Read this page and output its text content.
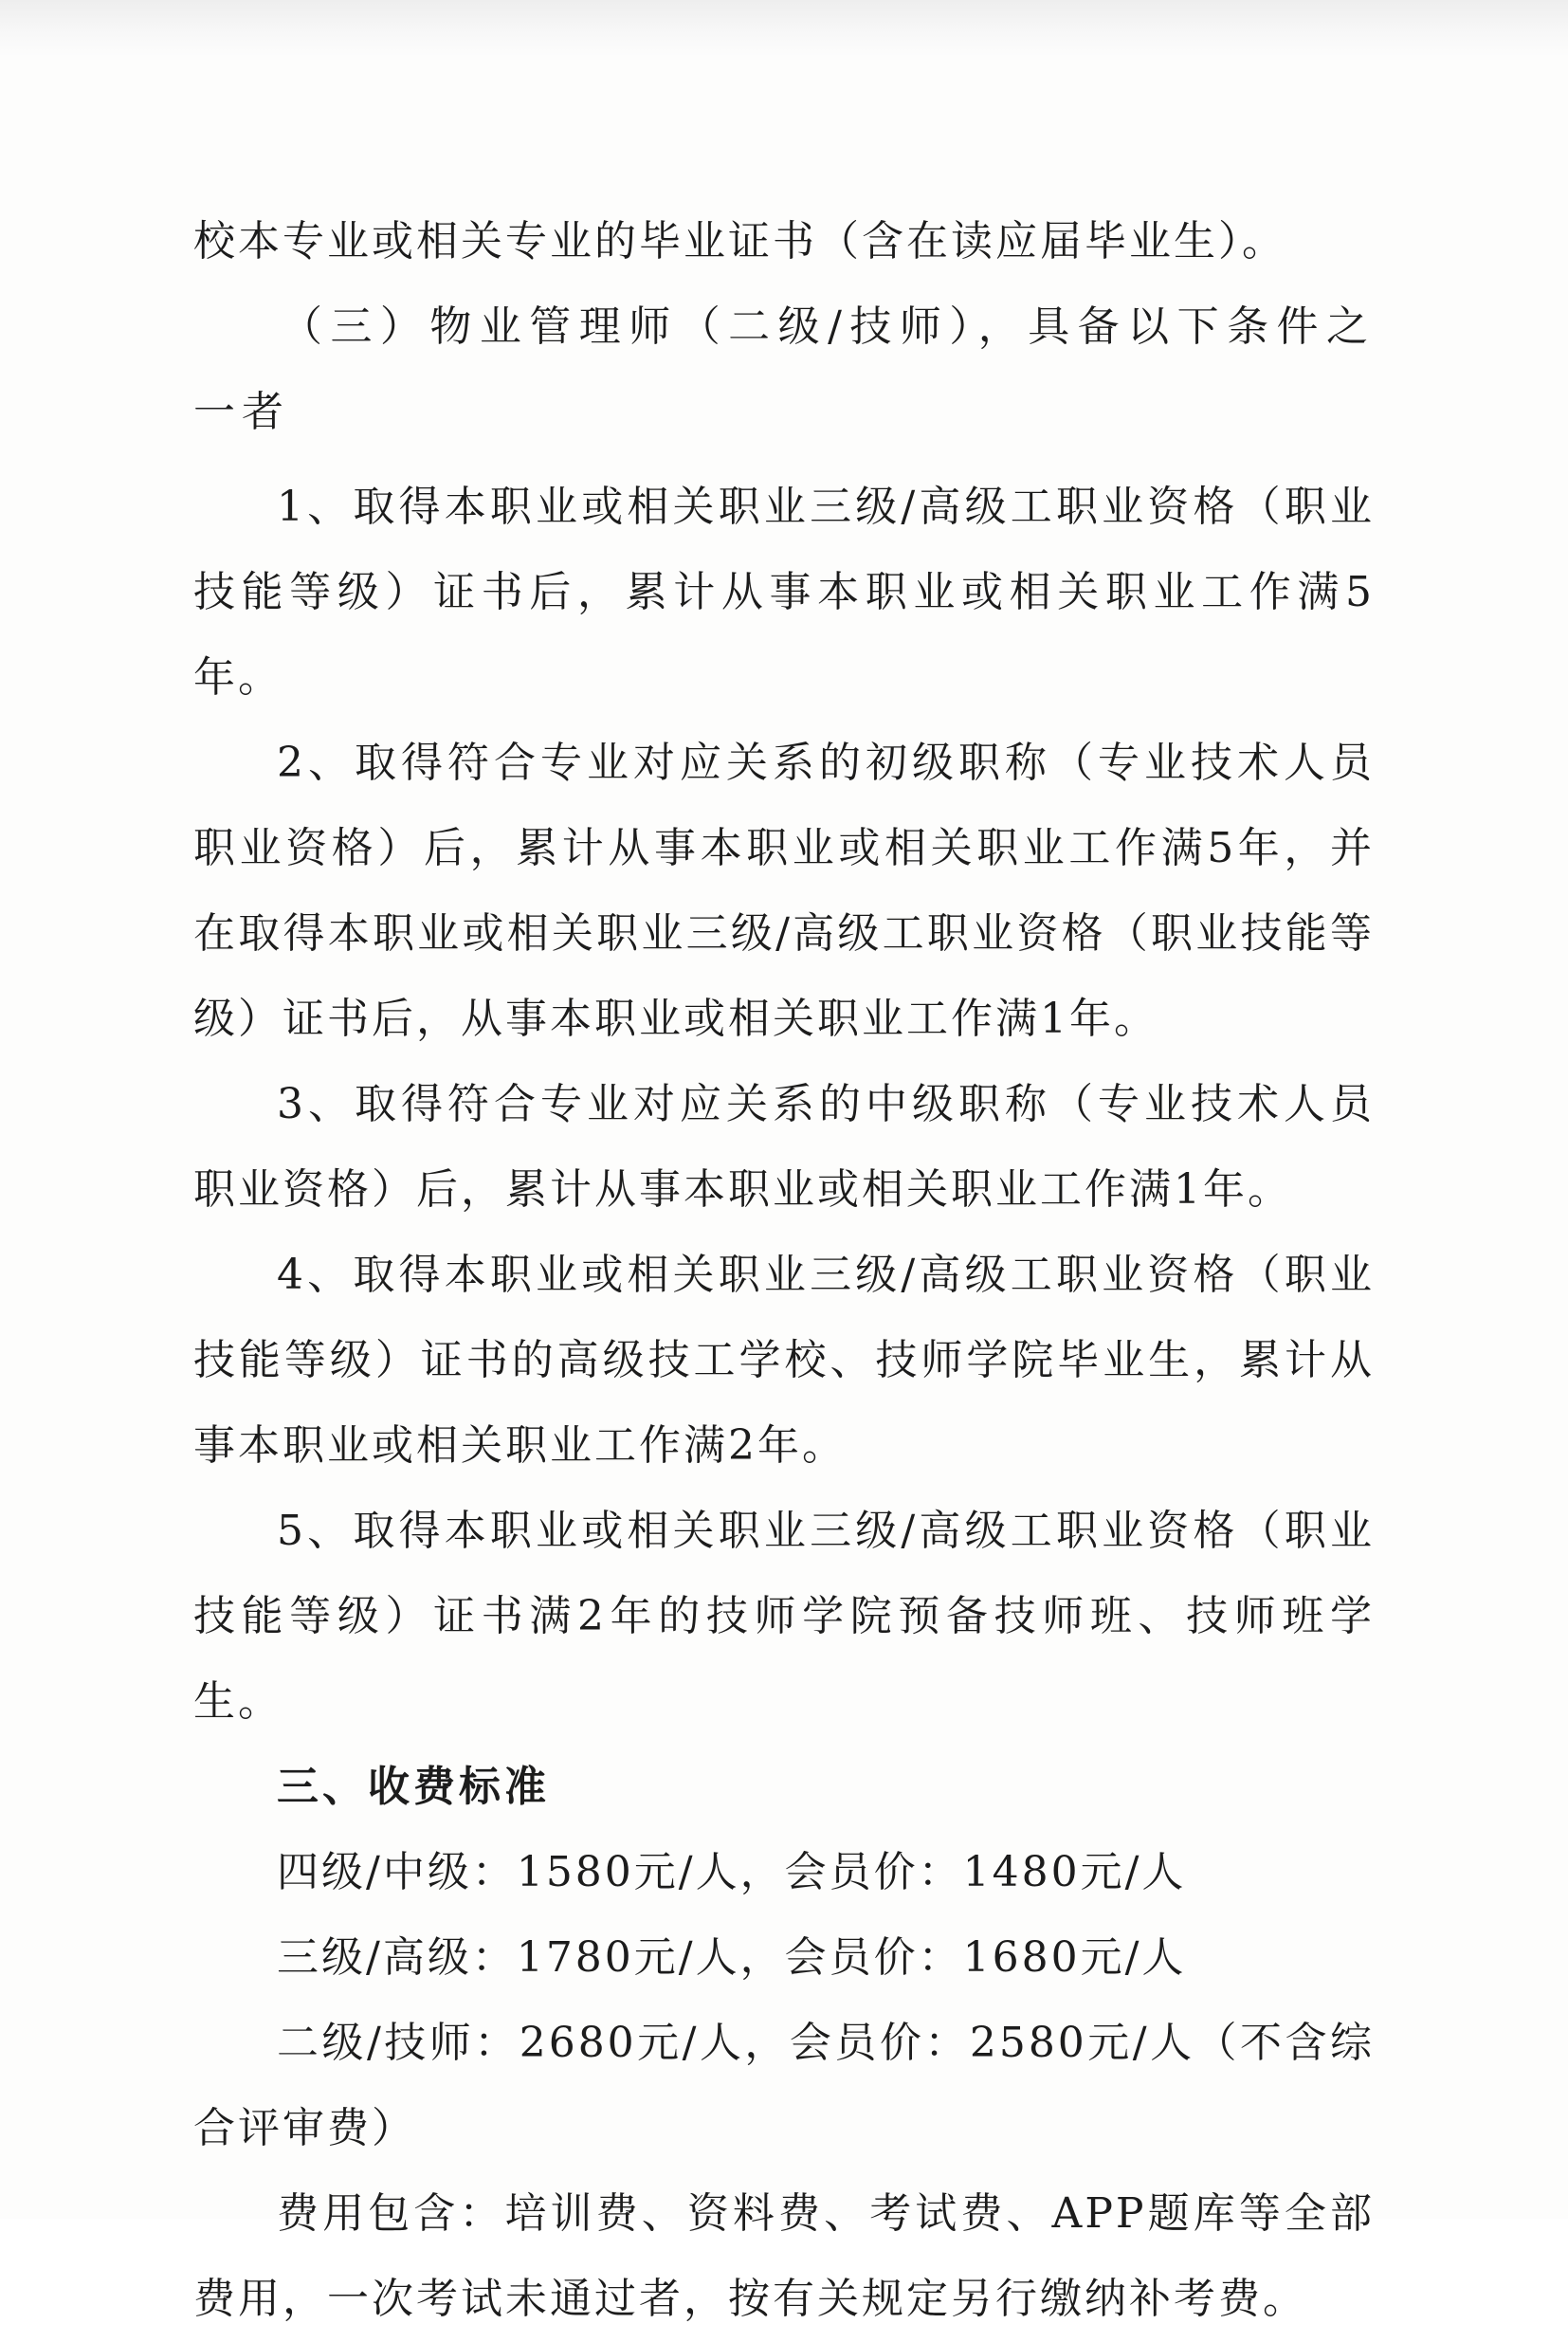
校本专业或相关专业的毕业证书（含在读应届毕业生）。

（三）物业管理师（二级/技师），具备以下条件之一者

1、取得本职业或相关职业三级/高级工职业资格（职业技能等级）证书后，累计从事本职业或相关职业工作满5年。

2、取得符合专业对应关系的初级职称（专业技术人员职业资格）后，累计从事本职业或相关职业工作满5年，并在取得本职业或相关职业三级/高级工职业资格（职业技能等级）证书后，从事本职业或相关职业工作满1年。

3、取得符合专业对应关系的中级职称（专业技术人员职业资格）后，累计从事本职业或相关职业工作满1年。

4、取得本职业或相关职业三级/高级工职业资格（职业技能等级）证书的高级技工学校、技师学院毕业生，累计从事本职业或相关职业工作满2年。

5、取得本职业或相关职业三级/高级工职业资格（职业技能等级）证书满2年的技师学院预备技师班、技师班学生。

三、收费标准

四级/中级：1580元/人，会员价：1480元/人

三级/高级：1780元/人，会员价：1680元/人

二级/技师：2680元/人，会员价：2580元/人（不含综合评审费）

费用包含：培训费、资料费、考试费、APP题库等全部费用，一次考试未通过者，按有关规定另行缴纳补考费。
